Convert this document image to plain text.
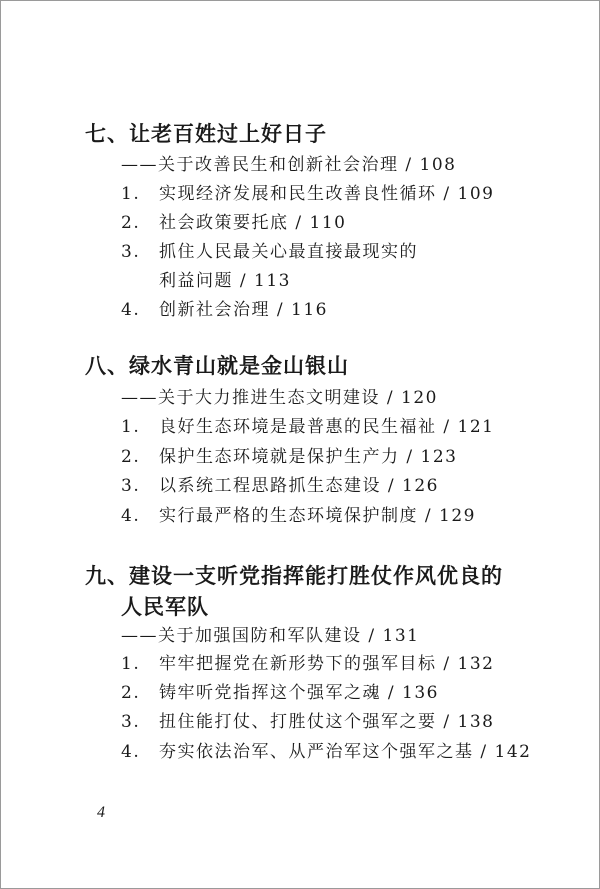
七、让老百姓过上好日子
——关于改善民生和创新社会治理 / 108
1. 实现经济发展和民生改善良性循环 / 109
2. 社会政策要托底 / 110
3. 抓住人民最关心最直接最现实的
利益问题 / 113
4. 创新社会治理 / 116
八、绿水青山就是金山银山
——关于大力推进生态文明建设 / 120
1. 良好生态环境是最普惠的民生福祉 / 121
2. 保护生态环境就是保护生产力 / 123
3. 以系统工程思路抓生态建设 / 126
4. 实行最严格的生态环境保护制度 / 129
九、建设一支听党指挥能打胜仗作风优良的
人民军队
——关于加强国防和军队建设 / 131
1. 牢牢把握党在新形势下的强军目标 / 132
2. 铸牢听党指挥这个强军之魂 / 136
3. 扭住能打仗、打胜仗这个强军之要 / 138
4. 夯实依法治军、从严治军这个强军之基 / 142
4
